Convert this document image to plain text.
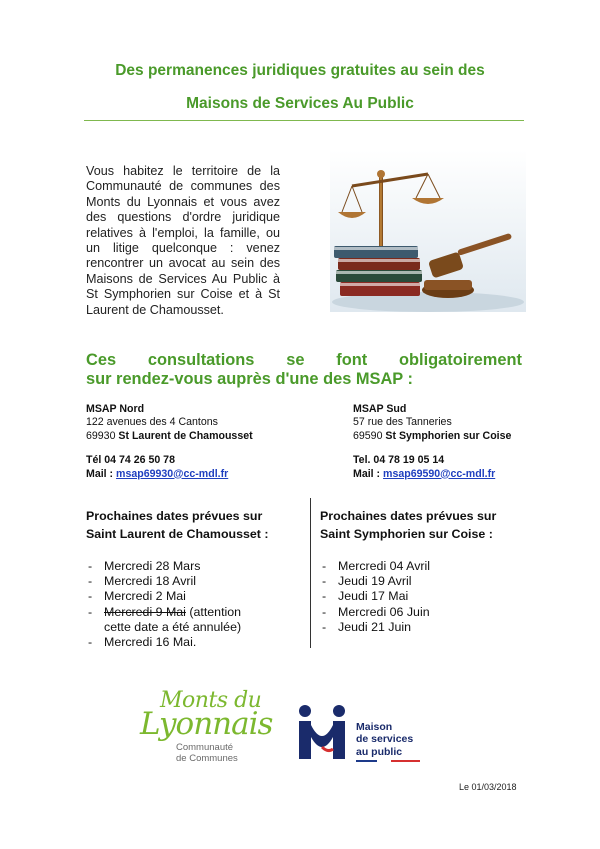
Des permanences juridiques gratuites au sein des
Maisons de Services Au Public
Vous habitez le territoire de la Communauté de communes des Monts du Lyonnais et vous avez des questions d'ordre juridique relatives à l'emploi, la famille, ou un litige quelconque : venez rencontrer un avocat au sein des Maisons de Services Au Public à St Symphorien sur Coise et à St Laurent de Chamousset.
Ces consultations se font obligatoirement
sur rendez-vous auprès d'une des MSAP :
MSAP Nord
122 avenues des 4 Cantons
69930 St Laurent de Chamousset
Tél 04 74 26 50 78
Mail : msap69930@cc-mdl.fr
MSAP Sud
57 rue des Tanneries
69590 St Symphorien sur Coise
Tel. 04 78 19 05 14
Mail : msap69590@cc-mdl.fr
Prochaines dates prévues sur
Saint Laurent de Chamousset :
- Mercredi 28 Mars
- Mercredi 18 Avril
- Mercredi 2 Mai
- Mercredi 9 Mai (attention
cette date a été annulée)
- Mercredi 16 Mai.
Prochaines dates prévues sur
Saint Symphorien sur Coise :
- Mercredi 04 Avril
- Jeudi 19 Avril
- Jeudi 17 Mai
- Mercredi 06 Juin
- Jeudi 21 Juin
Monts du
Lyonnais
Communauté
de Communes
Maison
de services
au public
Le 01/03/2018
